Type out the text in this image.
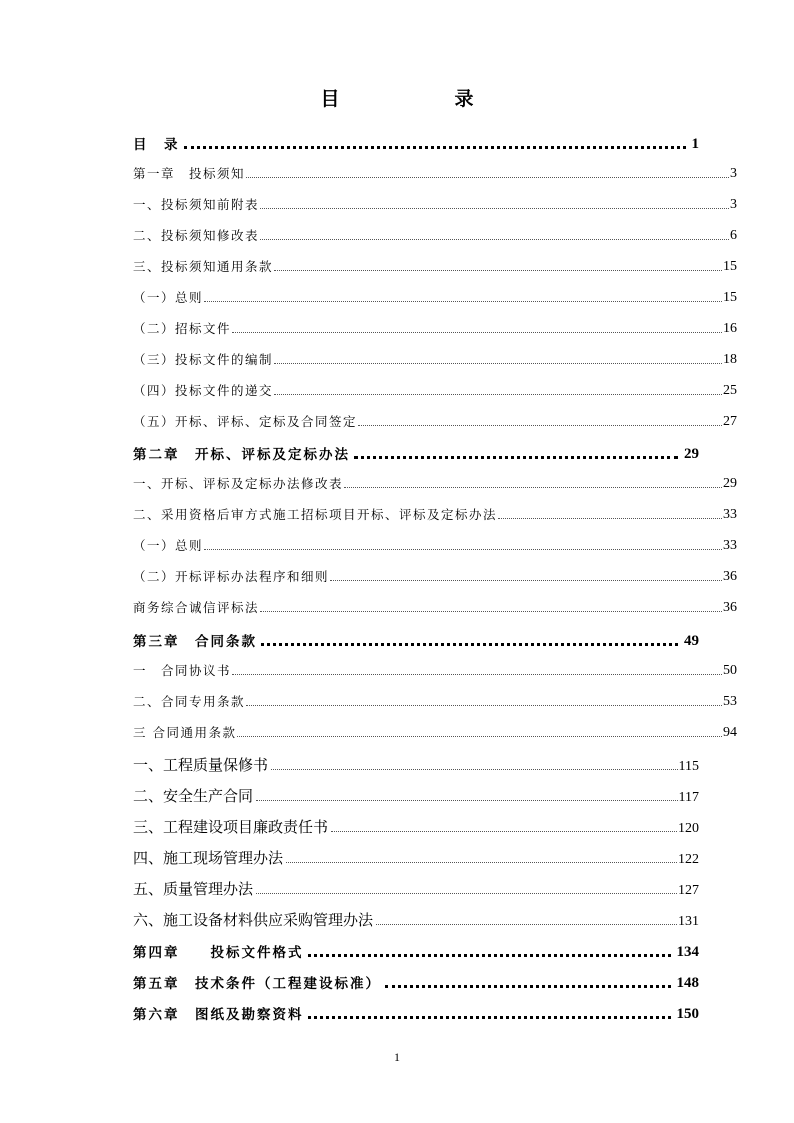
目　录
目　录	1
第一章　投标须知	3
一、投标须知前附表	3
二、投标须知修改表	6
三、投标须知通用条款	15
（一）总则	15
（二）招标文件	16
（三）投标文件的编制	18
（四）投标文件的递交	25
（五）开标、评标、定标及合同签定	27
第二章　开标、评标及定标办法	29
一、开标、评标及定标办法修改表	29
二、采用资格后审方式施工招标项目开标、评标及定标办法	33
（一）总则	33
（二）开标评标办法程序和细则	36
商务综合诚信评标法	36
第三章　合同条款	49
一　合同协议书	50
二、合同专用条款	53
三 合同通用条款	94
一、工程质量保修书	115
二、安全生产合同	117
三、工程建设项目廉政责任书	120
四、施工现场管理办法	122
五、质量管理办法	127
六、施工设备材料供应采购管理办法	131
第四章　　投标文件格式	134
第五章　技术条件（工程建设标准）	148
第六章　图纸及勘察资料	150
1
